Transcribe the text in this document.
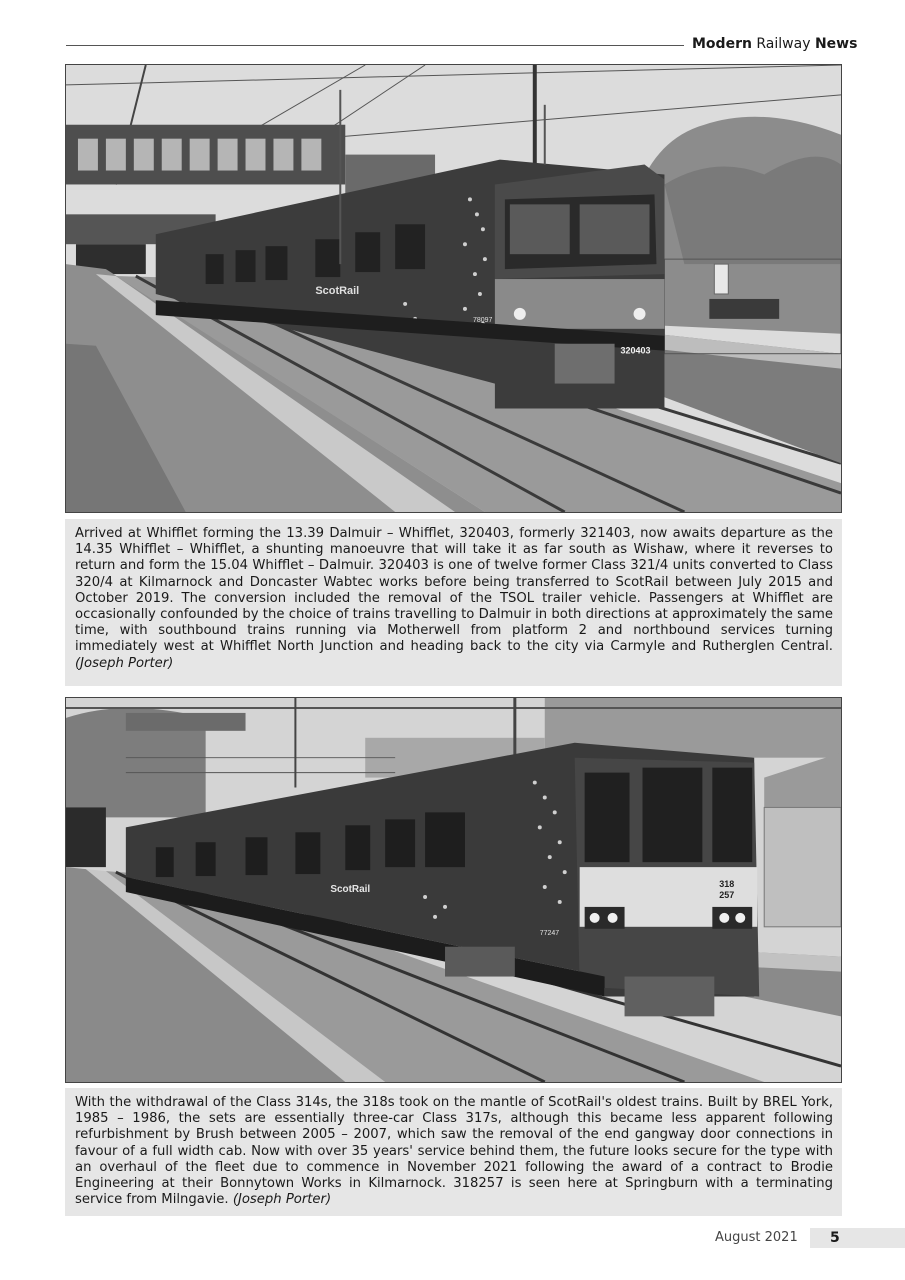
Modern Railway News
ScotRail
78097
320403
Arrived at Whifflet forming the 13.39 Dalmuir – Whifflet, 320403, formerly 321403, now awaits departure as the 14.35 Whifflet – Whifflet, a shunting manoeuvre that will take it as far south as Wishaw, where it reverses to return and form the 15.04 Whifflet – Dalmuir. 320403 is one of twelve former Class 321/4 units converted to Class 320/4 at Kilmarnock and Doncaster Wabtec works before being transferred to ScotRail between July 2015 and October 2019. The conversion included the removal of the TSOL trailer vehicle. Passengers at Whifflet are occasionally confounded by the choice of trains travelling to Dalmuir in both directions at approximately the same time, with southbound trains running via Motherwell from platform 2 and northbound services turning immediately west at Whifflet North Junction and heading back to the city via Carmyle and Rutherglen Central. (Joseph Porter)
318
257
ScotRail
77247
With the withdrawal of the Class 314s, the 318s took on the mantle of ScotRail's oldest trains. Built by BREL York, 1985 – 1986, the sets are essentially three-car Class 317s, although this became less apparent following refurbishment by Brush between 2005 – 2007, which saw the removal of the end gangway door connections in favour of a full width cab. Now with over 35 years' service behind them, the future looks secure for the type with an overhaul of the fleet due to commence in November 2021 following the award of a contract to Brodie Engineering at their Bonnytown Works in Kilmarnock. 318257 is seen here at Springburn with a terminating service from Milngavie. (Joseph Porter)
August 2021	5
